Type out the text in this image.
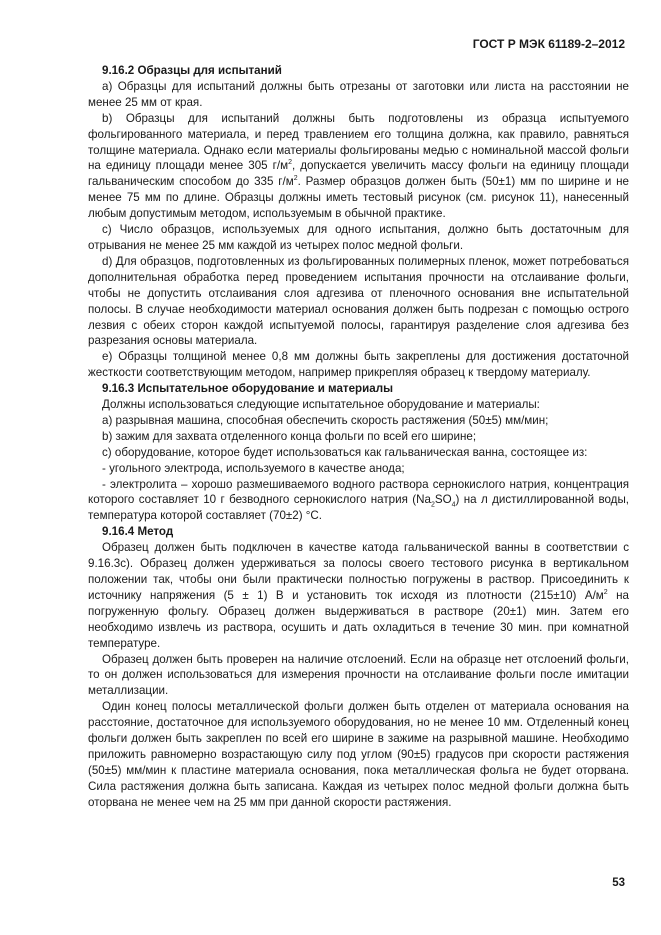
ГОСТ Р МЭК 61189-2–2012

9.16.2 Образцы для испытаний

а) Образцы для испытаний должны быть отрезаны от заготовки или листа на расстоянии не менее 25 мм от края.

b) Образцы для испытаний должны быть подготовлены из образца испытуемого фольгированного материала, и перед травлением его толщина должна, как правило, равняться толщине материала. Однако если материалы фольгированы медью с номинальной массой фольги на единицу площади менее 305 $г/м^2$, допускается увеличить массу фольги на единицу площади гальваническим способом до 335 $г/м^2$. Размер образцов должен быть (50±1) мм по ширине и не менее 75 мм по длине. Образцы должны иметь тестовый рисунок (см. рисунок 11), нанесенный любым допустимым методом, используемым в обычной практике.

с) Число образцов, используемых для одного испытания, должно быть достаточным для отрывания не менее 25 мм каждой из четырех полос медной фольги.

d) Для образцов, подготовленных из фольгированных полимерных пленок, может потребоваться дополнительная обработка перед проведением испытания прочности на отслаивание фольги, чтобы не допустить отслаивания слоя адгезива от пленочного основания вне испытательной полосы. В случае необходимости материал основания должен быть подрезан с помощью острого лезвия с обеих сторон каждой испытуемой полосы, гарантируя разделение слоя адгезива без разрезания основы материала.

е) Образцы толщиной менее 0,8 мм должны быть закреплены для достижения достаточной жесткости соответствующим методом, например прикрепляя образец к твердому материалу.

9.16.3 Испытательное оборудование и материалы

Должны использоваться следующие испытательное оборудование и материалы:

а) разрывная машина, способная обеспечить скорость растяжения (50±5) мм/мин;

b) зажим для захвата отделенного конца фольги по всей его ширине;

с) оборудование, которое будет использоваться как гальваническая ванна, состоящее из:

- угольного электрода, используемого в качестве анода;

- электролита – хорошо размешиваемого водного раствора сернокислого натрия, концентрация которого составляет 10 г безводного сернокислого натрия $(Na_2SO_4)$ на л дистиллированной воды, температура которой составляет (70±2) °С.

9.16.4 Метод

Образец должен быть подключен в качестве катода гальванической ванны в соответствии с 9.16.3с). Образец должен удерживаться за полосы своего тестового рисунка в вертикальном положении так, чтобы они были практически полностью погружены в раствор. Присоединить к источнику напряжения (5 ± 1) В и установить ток исходя из плотности (215±10) $А/м^2$ на погруженную фольгу. Образец должен выдерживаться в растворе (20±1) мин. Затем его необходимо извлечь из раствора, осушить и дать охладиться в течение 30 мин. при комнатной температуре.

Образец должен быть проверен на наличие отслоений. Если на образце нет отслоений фольги, то он должен использоваться для измерения прочности на отслаивание фольги после имитации металлизации.

Один конец полосы металлической фольги должен быть отделен от материала основания на расстояние, достаточное для используемого оборудования, но не менее 10 мм. Отделенный конец фольги должен быть закреплен по всей его ширине в зажиме на разрывной машине. Необходимо приложить равномерно возрастающую силу под углом (90±5) градусов при скорости растяжения (50±5) мм/мин к пластине материала основания, пока металлическая фольга не будет оторвана. Сила растяжения должна быть записана. Каждая из четырех полос медной фольги должна быть оторвана не менее чем на 25 мм при данной скорости растяжения.

53
